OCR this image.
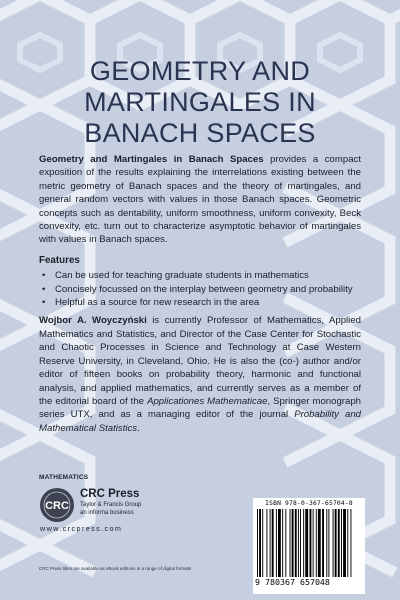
GEOMETRY AND
MARTINGALES IN
BANACH SPACES

Geometry and Martingales in Banach Spaces provides a compact exposition of the results explaining the interrelations existing between the metric geometry of Banach spaces and the theory of martingales, and general random vectors with values in those Banach spaces. Geometric concepts such as dentability, uniform smoothness, uniform convexity, Beck convexity, etc. turn out to characterize asymptotic behavior of martingales with values in Banach spaces.

Features
• Can be used for teaching graduate students in mathematics
• Concisely focussed on the interplay between geometry and probability
• Helpful as a source for new research in the area

Wojbor A. Woyczyński is currently Professor of Mathematics, Applied Mathematics and Statistics, and Director of the Case Center for Stochastic and Chaotic Processes in Science and Technology at Case Western Reserve University, in Cleveland, Ohio. He is also the (co-) author and/or editor of fifteen books on probability theory, harmonic and functional analysis, and applied mathematics, and currently serves as a member of the editorial board of the Applicationes Mathematicae, Springer monograph series UTX, and as a managing editor of the journal Probability and Mathematical Statistics.

MATHEMATICS
CRC
CRC Press
Taylor & Francis Group
an informa business
www.crcpress.com
CRC Press titles are available as eBook editions in a range of digital formats
ISBN 978-0-367-65704-8
9 780367 657048
